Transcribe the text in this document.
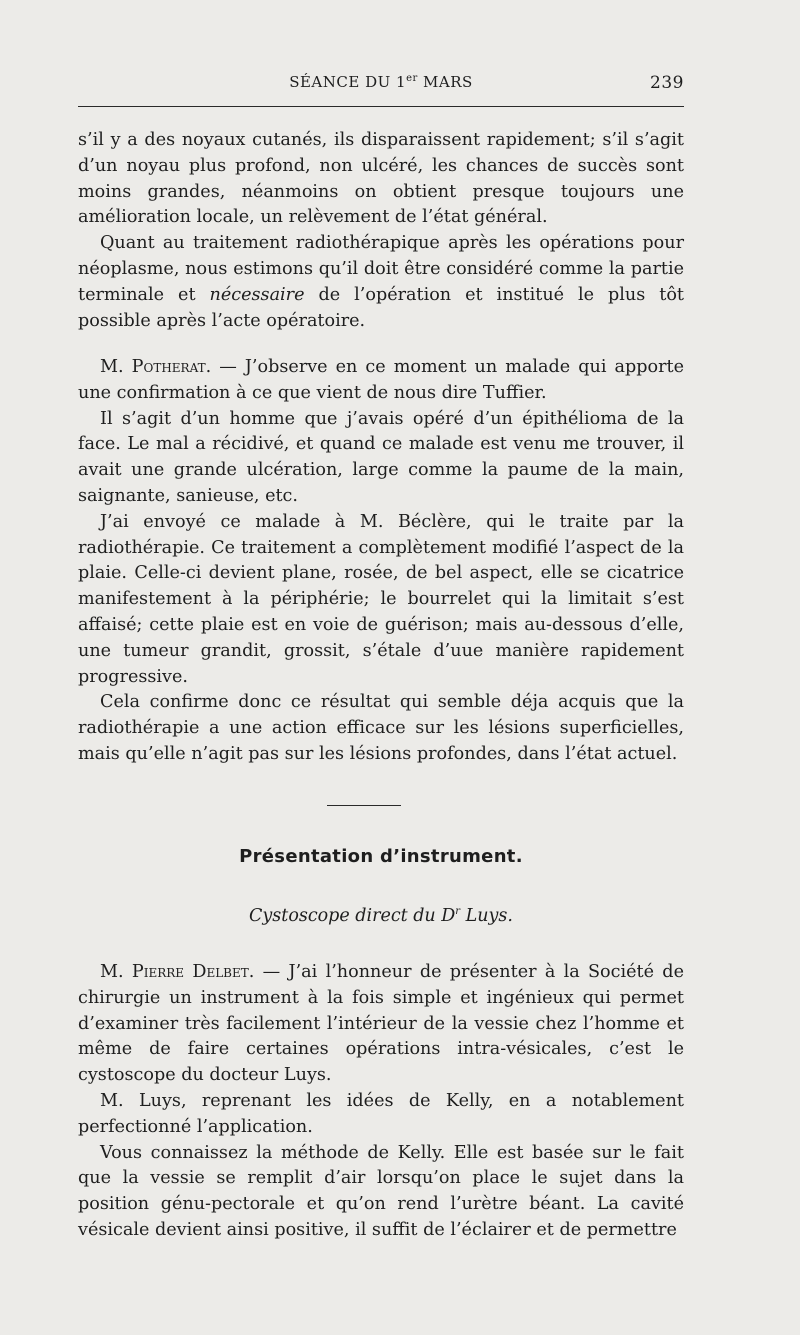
SÉANCE DU 1er MARS	239

s’il y a des noyaux cutanés, ils disparaissent rapidement; s’il s’agit d’un noyau plus profond, non ulcéré, les chances de succès sont moins grandes, néanmoins on obtient presque toujours une amélioration locale, un relèvement de l’état général.

Quant au traitement radiothérapique après les opérations pour néoplasme, nous estimons qu’il doit être considéré comme la partie terminale et nécessaire de l’opération et institué le plus tôt possible après l’acte opératoire.

M. Potherat. — J’observe en ce moment un malade qui apporte une confirmation à ce que vient de nous dire Tuffier.

Il s’agit d’un homme que j’avais opéré d’un épithélioma de la face. Le mal a récidivé, et quand ce malade est venu me trouver, il avait une grande ulcération, large comme la paume de la main, saignante, sanieuse, etc.

J’ai envoyé ce malade à M. Béclère, qui le traite par la radiothérapie. Ce traitement a complètement modifié l’aspect de la plaie. Celle-ci devient plane, rosée, de bel aspect, elle se cicatrice manifestement à la périphérie; le bourrelet qui la limitait s’est affaisé; cette plaie est en voie de guérison; mais au-dessous d’elle, une tumeur grandit, grossit, s’étale d’uue manière rapidement progressive.

Cela confirme donc ce résultat qui semble déja acquis que la radiothérapie a une action efficace sur les lésions superficielles, mais qu’elle n’agit pas sur les lésions profondes, dans l’état actuel.

Présentation d’instrument.
Cystoscope direct du $D^r$ Luys.

M. Pierre Delbet. — J’ai l’honneur de présenter à la Société de chirurgie un instrument à la fois simple et ingénieux qui permet d’examiner très facilement l’intérieur de la vessie chez l’homme et même de faire certaines opérations intra-vésicales, c’est le cystoscope du docteur Luys.

M. Luys, reprenant les idées de Kelly, en a notablement perfectionné l’application.

Vous connaissez la méthode de Kelly. Elle est basée sur le fait que la vessie se remplit d’air lorsqu’on place le sujet dans la position génu-pectorale et qu’on rend l’urètre béant. La cavité vésicale devient ainsi positive, il suffit de l’éclairer et de permettre
